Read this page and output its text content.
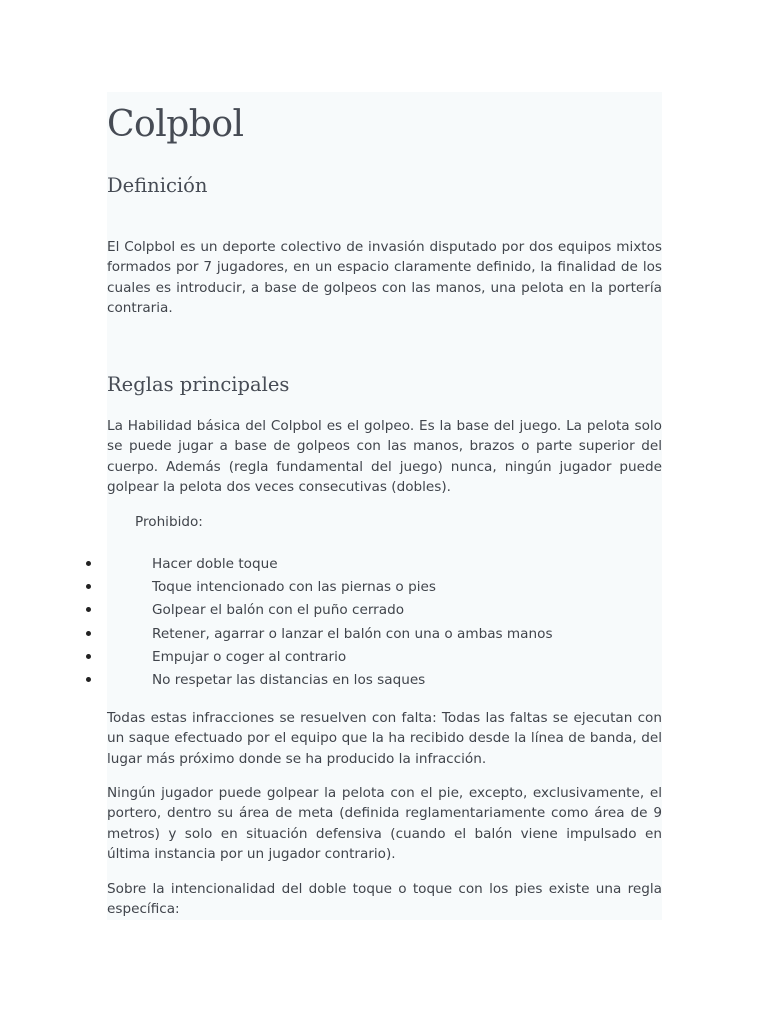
Colpbol
Definición
El Colpbol es un deporte colectivo de invasión disputado por dos equipos mixtos formados por 7 jugadores, en un espacio claramente definido, la finalidad de los cuales es introducir, a base de golpeos con las manos, una pelota en la portería contraria.
Reglas principales
La Habilidad básica del Colpbol es el golpeo. Es la base del juego. La pelota solo se puede jugar a base de golpeos con las manos, brazos o parte superior del cuerpo. Además (regla fundamental del juego) nunca, ningún jugador puede golpear la pelota dos veces consecutivas (dobles).
Prohibido:
Todas estas infracciones se resuelven con falta: Todas las faltas se ejecutan con un saque efectuado por el equipo que la ha recibido desde la línea de banda, del lugar más próximo donde se ha producido la infracción.
Ningún jugador puede golpear la pelota con el pie, excepto, exclusivamente, el portero, dentro su área de meta (definida reglamentariamente como área de 9 metros) y solo en situación defensiva (cuando el balón viene impulsado en última instancia por un jugador contrario).
Sobre la intencionalidad del doble toque o toque con los pies existe una regla específica:
Hacer doble toque
Toque intencionado con las piernas o pies
Golpear el balón con el puño cerrado
Retener, agarrar o lanzar el balón con una o ambas manos
Empujar o coger al contrario
No respetar las distancias en los saques
